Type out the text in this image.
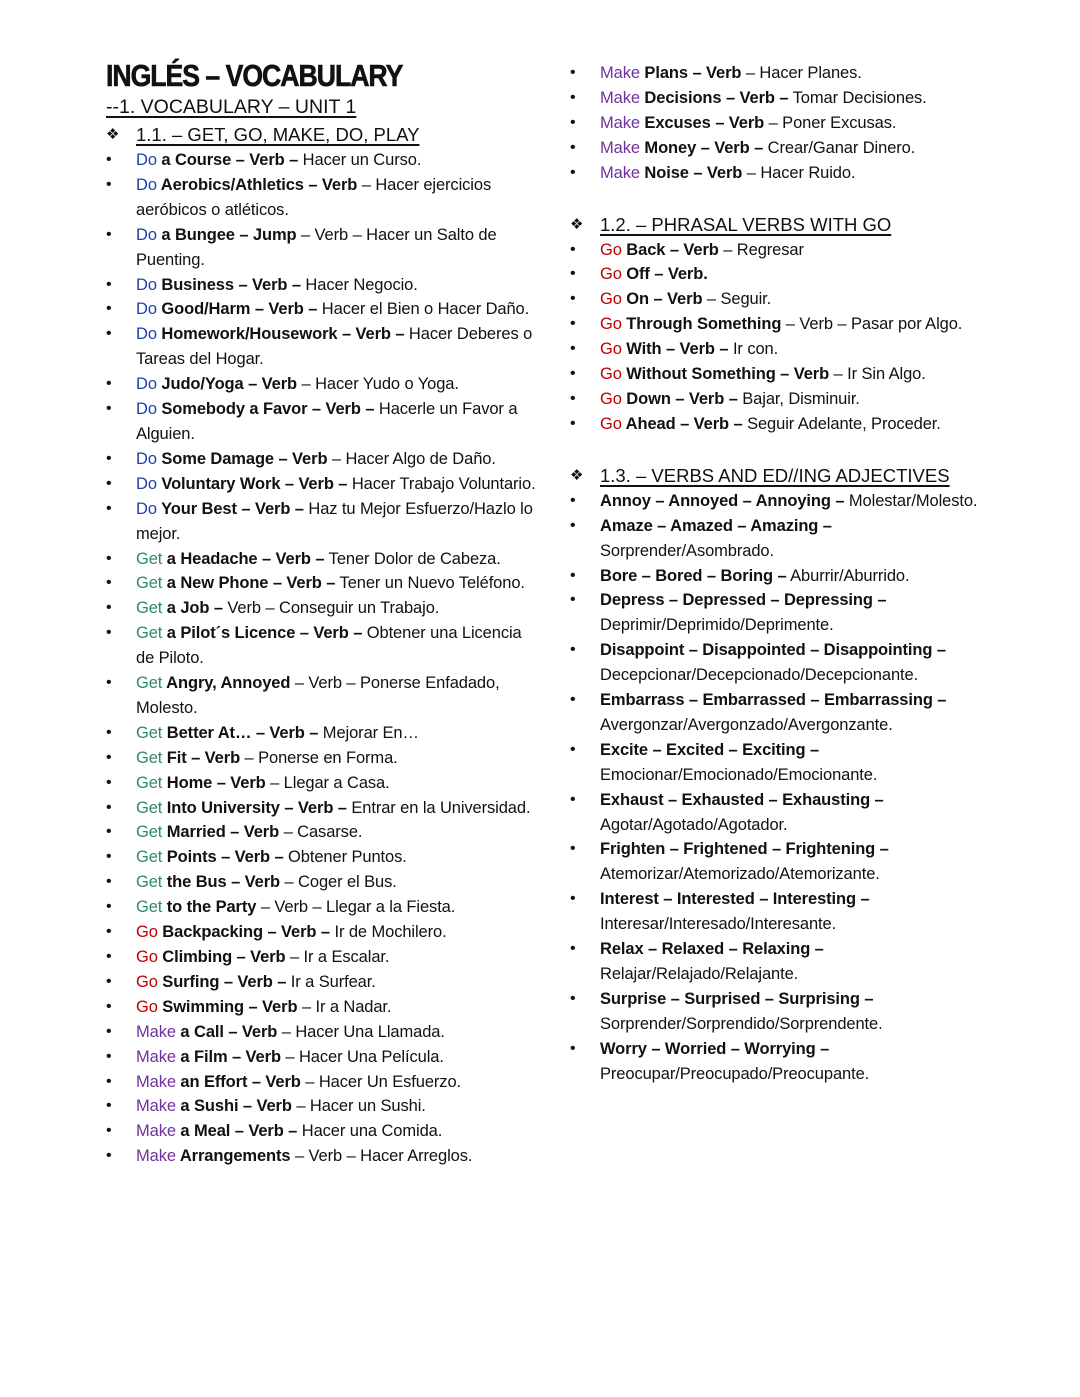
INGLÉS – VOCABULARY
--1. VOCABULARY – UNIT 1
❖ 1.1. – GET, GO, MAKE, DO, PLAY
•	Do a Course – Verb – Hacer un Curso.
•	Do Aerobics/Athletics – Verb – Hacer ejercicios aeróbicos o atléticos.
•	Do a Bungee – Jump – Verb – Hacer un Salto de Puenting.
•	Do Business – Verb – Hacer Negocio.
•	Do Good/Harm – Verb – Hacer el Bien o Hacer Daño.
•	Do Homework/Housework – Verb – Hacer Deberes o Tareas del Hogar.
•	Do Judo/Yoga – Verb – Hacer Yudo o Yoga.
•	Do Somebody a Favor – Verb – Hacerle un Favor a Alguien.
•	Do Some Damage – Verb – Hacer Algo de Daño.
•	Do Voluntary Work – Verb – Hacer Trabajo Voluntario.
•	Do Your Best – Verb – Haz tu Mejor Esfuerzo/Hazlo lo mejor.
•	Get a Headache – Verb – Tener Dolor de Cabeza.
•	Get a New Phone – Verb – Tener un Nuevo Teléfono.
•	Get a Job – Verb – Conseguir un Trabajo.
•	Get a Pilot´s Licence – Verb – Obtener una Licencia de Piloto.
•	Get Angry, Annoyed – Verb – Ponerse Enfadado, Molesto.
•	Get Better At… – Verb – Mejorar En…
•	Get Fit – Verb – Ponerse en Forma.
•	Get Home – Verb – Llegar a Casa.
•	Get Into University – Verb – Entrar en la Universidad.
•	Get Married – Verb – Casarse.
•	Get Points – Verb – Obtener Puntos.
•	Get the Bus – Verb – Coger el Bus.
•	Get to the Party – Verb – Llegar a la Fiesta.
•	Go Backpacking – Verb – Ir de Mochilero.
•	Go Climbing – Verb – Ir a Escalar.
•	Go Surfing – Verb – Ir a Surfear.
•	Go Swimming – Verb – Ir a Nadar.
•	Make a Call – Verb – Hacer Una Llamada.
•	Make a Film – Verb – Hacer Una Película.
•	Make an Effort – Verb – Hacer Un Esfuerzo.
•	Make a Sushi – Verb – Hacer un Sushi.
•	Make a Meal – Verb – Hacer una Comida.
•	Make Arrangements – Verb – Hacer Arreglos.
•	Make Plans – Verb – Hacer Planes.
•	Make Decisions – Verb – Tomar Decisiones.
•	Make Excuses – Verb – Poner Excusas.
•	Make Money – Verb – Crear/Ganar Dinero.
•	Make Noise – Verb – Hacer Ruido.
❖ 1.2. – PHRASAL VERBS WITH GO
•	Go Back – Verb – Regresar
•	Go Off – Verb.
•	Go On – Verb – Seguir.
•	Go Through Something – Verb – Pasar por Algo.
•	Go With – Verb – Ir con.
•	Go Without Something – Verb – Ir Sin Algo.
•	Go Down – Verb – Bajar, Disminuir.
•	Go Ahead – Verb – Seguir Adelante, Proceder.
❖ 1.3. – VERBS AND ED//ING ADJECTIVES
•	Annoy – Annoyed – Annoying – Molestar/Molesto.
•	Amaze – Amazed – Amazing – Sorprender/Asombrado.
•	Bore – Bored – Boring – Aburrir/Aburrido.
•	Depress – Depressed – Depressing – Deprimir/Deprimido/Deprimente.
•	Disappoint – Disappointed – Disappointing – Decepcionar/Decepcionado/Decepcionante.
•	Embarrass – Embarrassed – Embarrassing – Avergonzar/Avergonzado/Avergonzante.
•	Excite – Excited – Exciting – Emocionar/Emocionado/Emocionante.
•	Exhaust – Exhausted – Exhausting – Agotar/Agotado/Agotador.
•	Frighten – Frightened – Frightening – Atemorizar/Atemorizado/Atemorizante.
•	Interest – Interested – Interesting – Interesar/Interesado/Interesante.
•	Relax – Relaxed – Relaxing – Relajar/Relajado/Relajante.
•	Surprise – Surprised – Surprising – Sorprender/Sorprendido/Sorprendente.
•	Worry – Worried – Worrying – Preocupar/Preocupado/Preocupante.
